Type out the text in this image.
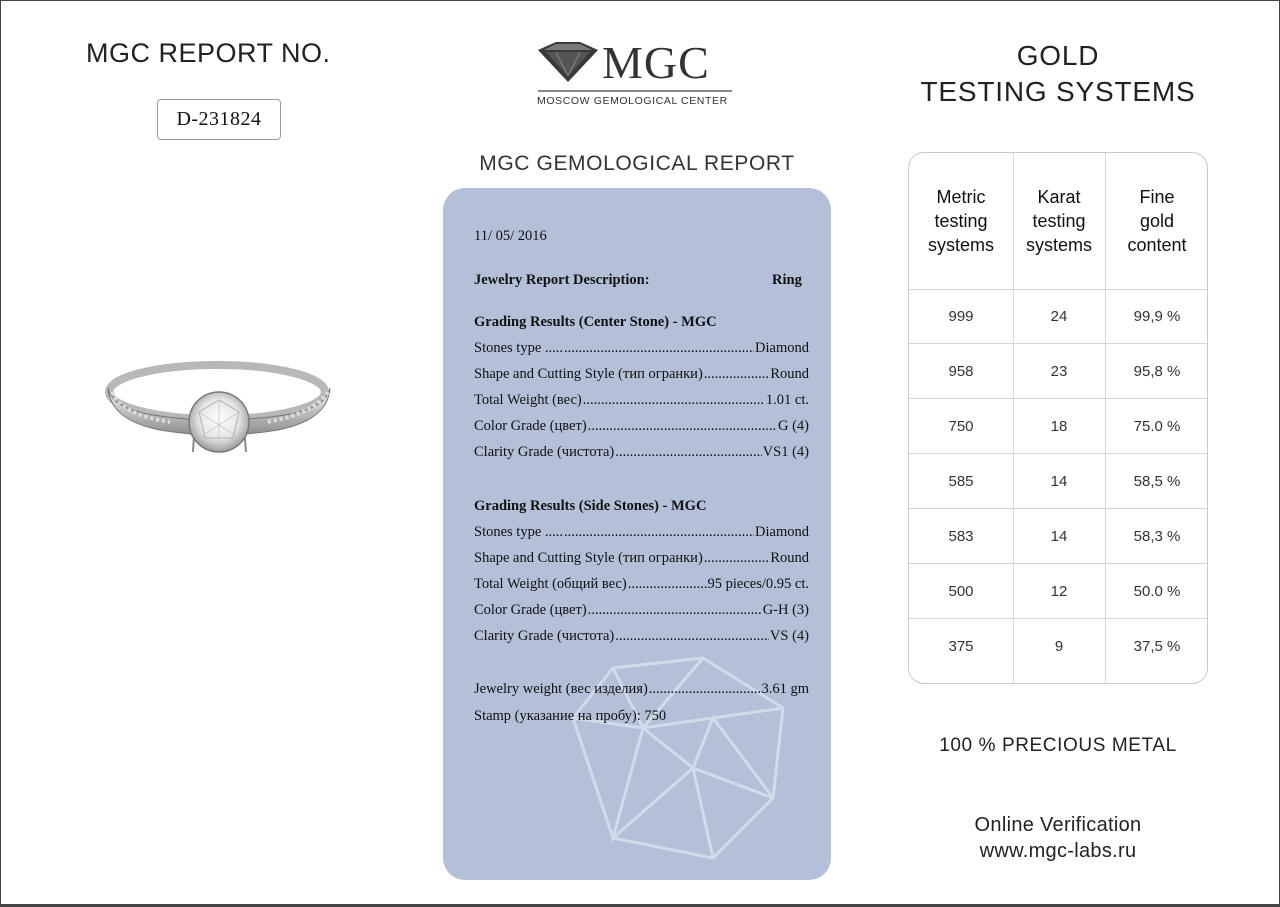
MGC REPORT NO.
D-231824
MGC
MOSCOW GEMOLOGICAL CENTER
MGC GEMOLOGICAL REPORT
11/ 05/ 2016
Jewelry Report Description:	Ring
Grading Results (Center Stone) - MGC
Stones type ..... .....	Diamond
Shape and Cutting Style (тип огранки) .....	Round
Total Weight (вес) .....	1.01 ct.
Color Grade (цвет) .....	G (4)
Clarity Grade (чистота) .....	VS1 (4)
Grading Results (Side Stones) - MGC
Stones type ..... .....	Diamond
Shape and Cutting Style (тип огранки) .....	Round
Total Weight (общий вес) .....	95 pieces/0.95 ct.
Color Grade (цвет) .....	G-H (3)
Clarity Grade (чистота) .....	VS (4)
Jewelry weight (вес изделия) .....	3.61 gm
Stamp (указание на пробу): 750
GOLD
TESTING SYSTEMS
Metric testing systems
Karat testing systems
Fine gold content
999	24	99,9 %
958	23	95,8 %
750	18	75.0 %
585	14	58,5 %
583	14	58,3 %
500	12	50.0 %
375	9	37,5 %
100 % PRECIOUS METAL
Online Verification
www.mgc-labs.ru
